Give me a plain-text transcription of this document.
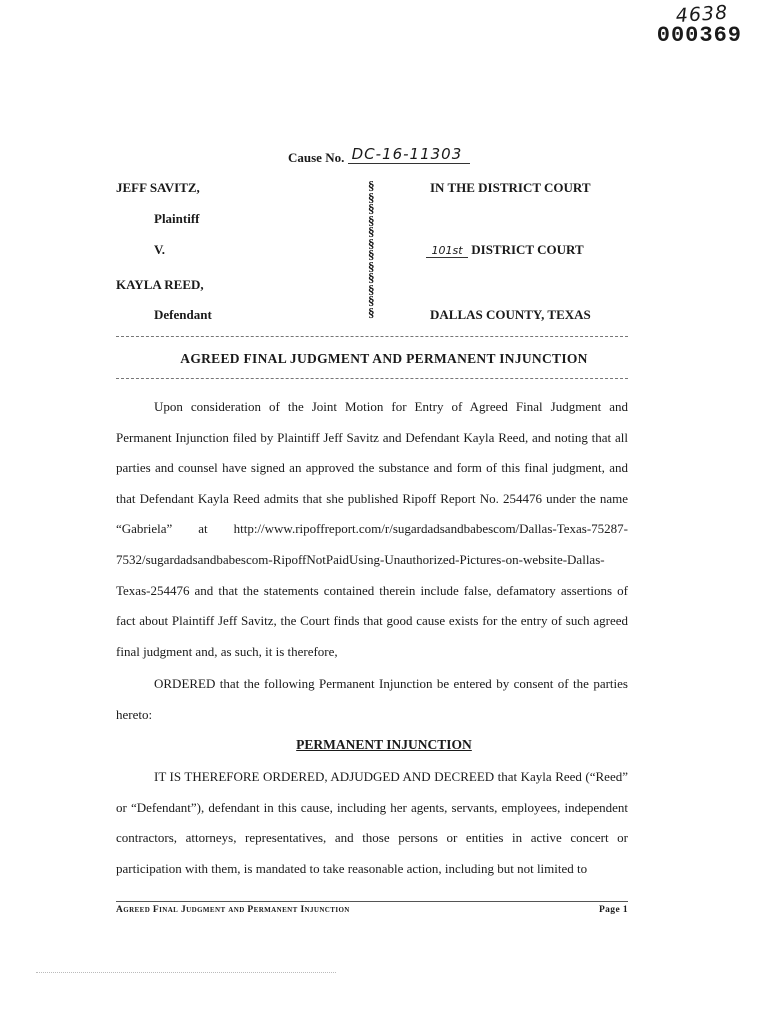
4638
000369
Cause No. DC-16-11303
JEFF SAVITZ,
Plaintiff
V.
KAYLA REED,
Defendant
§
§
§
§
§
§
§
§
§
§
§
§
IN THE DISTRICT COURT
101st DISTRICT COURT
DALLAS COUNTY, TEXAS
AGREED FINAL JUDGMENT AND PERMANENT INJUNCTION
Upon consideration of the Joint Motion for Entry of Agreed Final Judgment and Permanent Injunction filed by Plaintiff Jeff Savitz and Defendant Kayla Reed, and noting that all parties and counsel have signed an approved the substance and form of this final judgment, and that Defendant Kayla Reed admits that she published Ripoff Report No. 254476 under the name “Gabriela” at http://www.ripoffreport.com/r/sugardadsandbabescom/Dallas-Texas-75287-7532/sugardadsandbabescom-RipoffNotPaidUsing-Unauthorized-Pictures-on-website-Dallas-Texas-254476 and that the statements contained therein include false, defamatory assertions of fact about Plaintiff Jeff Savitz, the Court finds that good cause exists for the entry of such agreed final judgment and, as such, it is therefore,
ORDERED that the following Permanent Injunction be entered by consent of the parties hereto:
PERMANENT INJUNCTION
IT IS THEREFORE ORDERED, ADJUDGED AND DECREED that Kayla Reed (“Reed” or “Defendant”), defendant in this cause, including her agents, servants, employees, independent contractors, attorneys, representatives, and those persons or entities in active concert or participation with them, is mandated to take reasonable action, including but not limited to
Agreed Final Judgment and Permanent Injunction	Page 1
